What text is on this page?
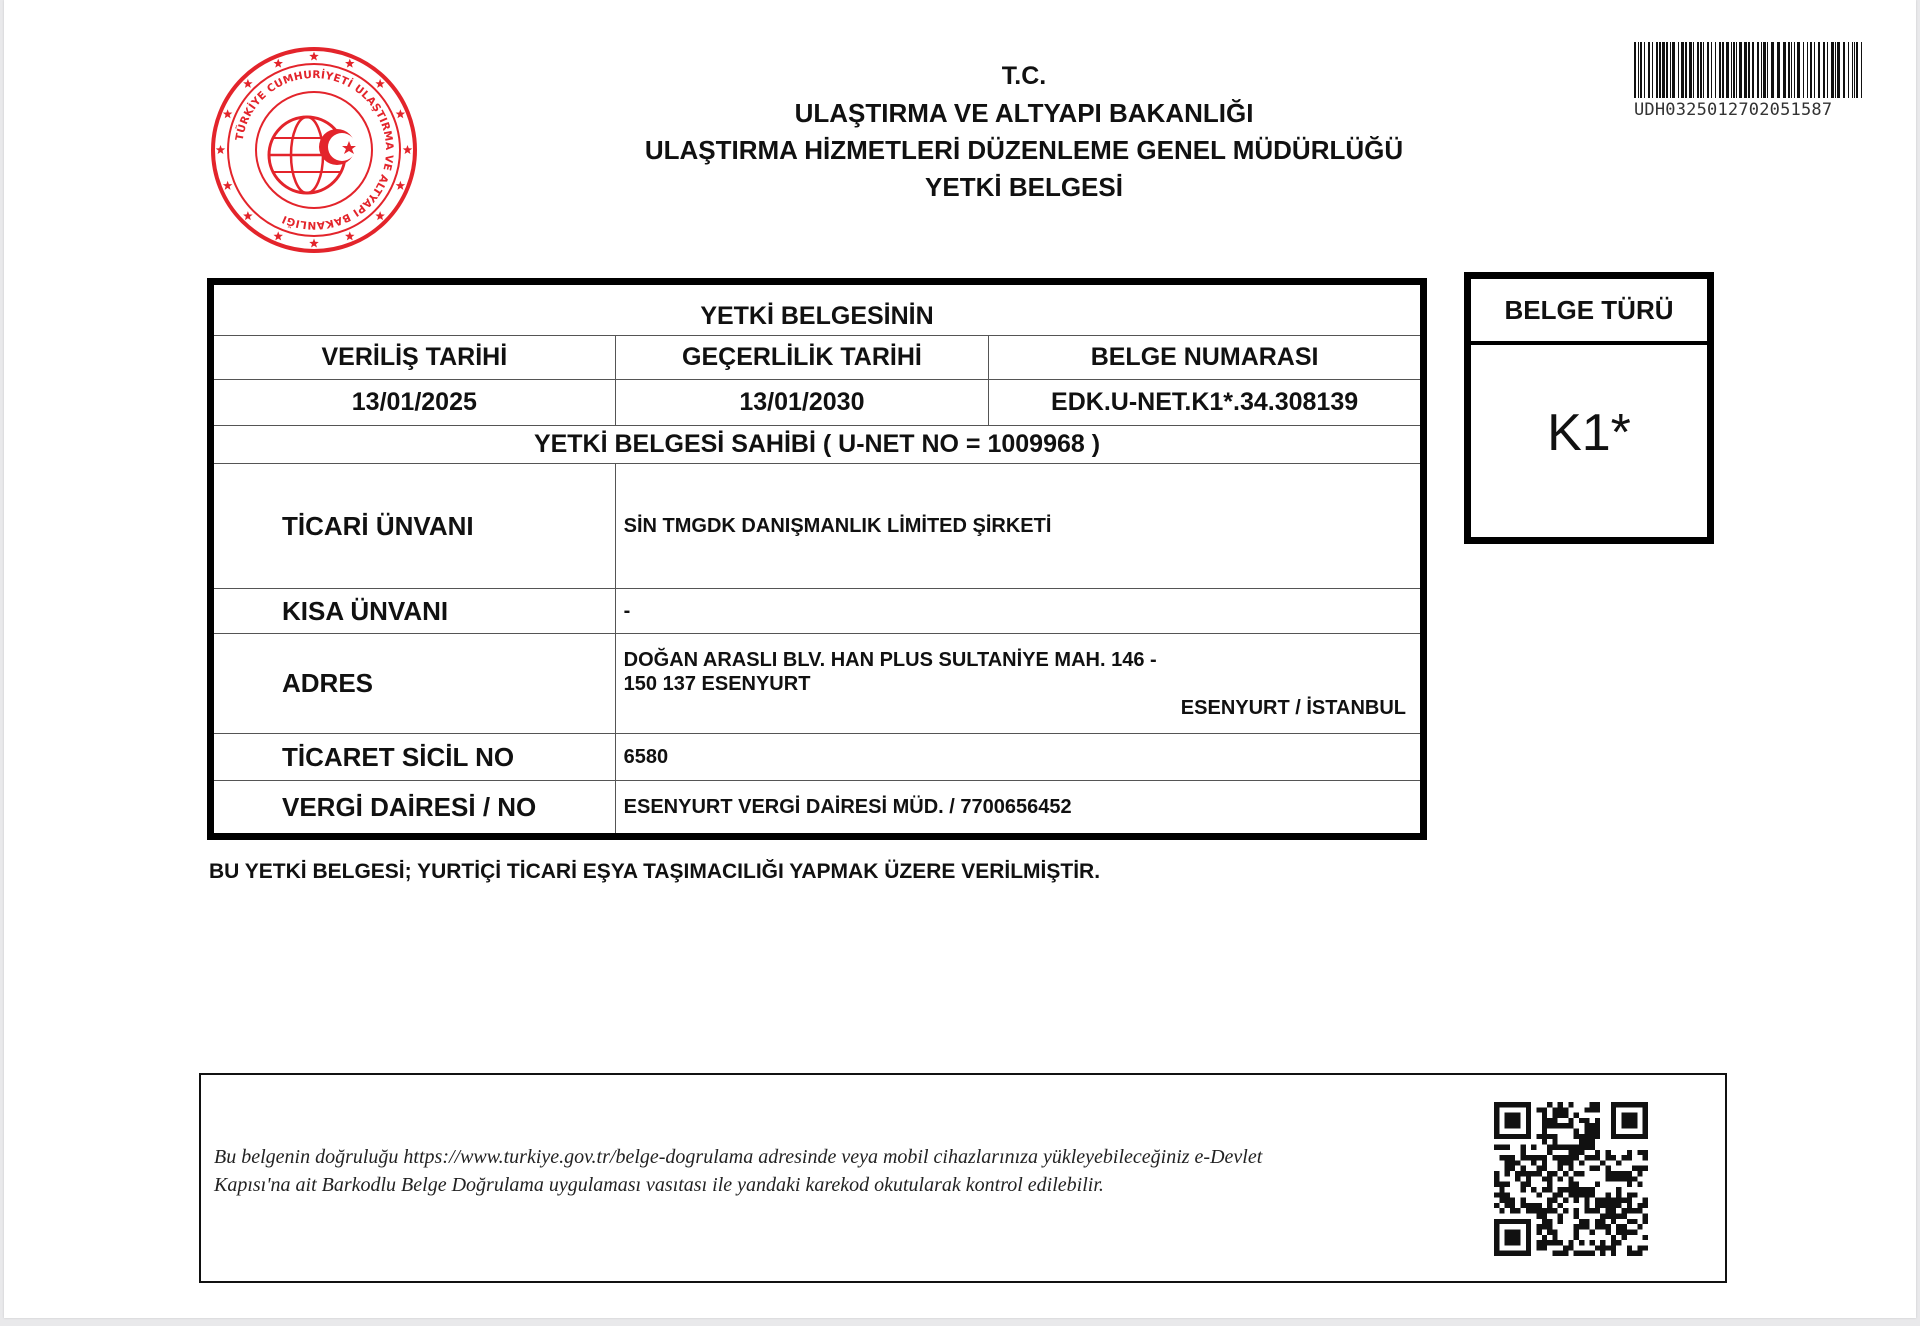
TÜRKİYE CUMHURİYETİ ULAŞTIRMA VE ALTYAPI BAKANLIĞI
T.C.
ULAŞTIRMA VE ALTYAPI BAKANLIĞI
ULAŞTIRMA HİZMETLERİ DÜZENLEME GENEL MÜDÜRLÜĞÜ
YETKİ BELGESİ
UDH03250127020515​87
YETKİ BELGESİNİN		
VERİLİŞ TARİHİ	GEÇERLİLİK TARİHİ	BELGE NUMARASI
13/01/2025	13/01/2030	EDK.U-NET.K1*.34.308139
YETKİ BELGESİ SAHİBİ ( U-NET NO = 1009968 )		
TİCARİ ÜNVANI	SİN TMGDK DANIŞMANLIK LİMİTED ŞİRKETİ	
KISA ÜNVANI	-	
ADRES	DOĞAN ARASLI BLV. HAN PLUS SULTANİYE MAH. 146 -
150 137 ESENYURT
ESENYURT / İSTANBUL	

TİCARET SİCİL NO	6580	
VERGİ DAİRESİ / NO	ESENYURT VERGİ DAİRESİ MÜD. / 7700656452	
BELGE TÜRÜ
K1*
BU YETKİ BELGESİ; YURTİÇİ TİCARİ EŞYA TAŞIMACILIĞI YAPMAK ÜZERE VERİLMİŞTİR.
Bu belgenin doğruluğu https://www.turkiye.gov.tr/belge-dogrulama adresinde veya mobil cihazlarınıza yükleyebileceğiniz e-Devlet
Kapısı'na ait Barkodlu Belge Doğrulama uygulaması vasıtası ile yandaki karekod okutularak kontrol edilebilir.
